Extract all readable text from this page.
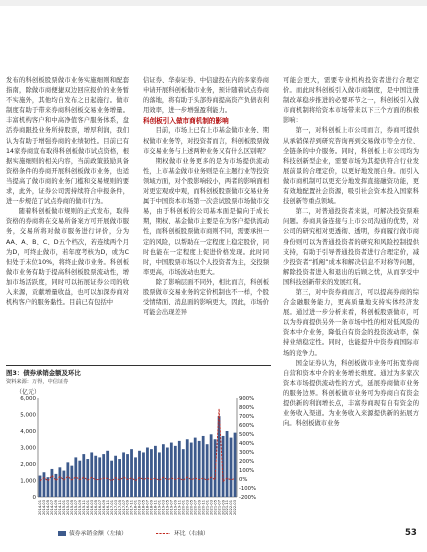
发布的科创板股票做市业务实施细则和配套指南，除做市商便捷双边回应报价的业务暂不实施外，其他均自发布之日起施行。做市制度有助于带来券商科创板交易业务增量。丰富机构客户和中高净值客户服务体系，盘活券商跟投业务所持股票，增厚利润，我们认为有助于增强券商的业绩韧性。目前已有14家券商宣布取得科创板做市试点资格，根据实施细则的相关内容，当前政策鼓励具备资格条件的券商开展科创板做市业务，也适当提高了做市商的业务门槛和交易规则的要求，此外，证券公司需持续符合申报条件，进一步规范了试点券商的做市行为。

随着科创板做市规则的正式发布，取得资格的券商将在交易所备案方可开展做市服务，交易所将对做市服务进行评价，分为AA、A、B、C、D五个档次，若连续两个月为D，可终止做市，若年度考核为D，或为C但处于末位10%，将终止做市业务。科创板做市业务有助于提高科创板股票流动性，增加市场活跃度，同时可以拓展证券公司的收入来源，贡献增量收益，也可以加深券商对机构客户的服务黏性。目前已有包括中

信证券、华泰证券、中信建投在内的多家券商申请开展科创板做市业务，预计随着试点券商的落地，将有助于头部券商提高资产负债表利用效率，进一步增强盈利能力。

科创板引入做市商机制的影响

目前，市场上已有上市基金做市业务、期权做市业务等，对投资者而言，科创板股票做市交易业务与上述两种业务又有什么区别呢？

期权做市业务更多的是为市场提供流动性，上市基金做市业务则是在主题行业等投资领域方面，对个股影响较小，两者的影响面相对更宏观或中观，而科创板股票做市交易业务属于中国资本市场第一次尝试股票市场做市交易，由于科创板的公司基本面是偏向于成长期，期权、基金做市主要是在为客户提供流动性，而科创板股票做市商则不同，需要承担一定的风险，以帮助在一定程度上稳定股价，同时也能在一定程度上促进价格发现。此时同时，中国股票市场以个人投资者为主，交投频率更高，市场波动也更大。

除了影响层面不同外，相比而言，科创板股票做市交易业务的定价机制也不一样，个股受情绪面、消息面的影响更大，因此，市场价可能会出现差异

可能会更大，需要专业机构投资者进行合理定价。而此时科创板引入做市商制度，是中国注册制改革稳步推进的必要环节之一，科创板引入做市商机制将给资本市场带来以下三个方面的积极影响：

第一，对科创板上市公司而言，券商可提供从承销保荐到研究咨询再到交易做市等全方位、全链条的中介服务。同时，科创板上市公司均为科技创新型企业，需要市场为其提供符合行业发展前景的合理定价，以更好地发展自身。而引入做市商机制可以更充分地发挥直接融资功能，更有效地配置社会资源，吸引社会资本投入国家科技创新等重点领域。

第二，对普通投资者来说，可解决投资票难问题。券商具备连接与上市公司沟通的优势，对公司的研究相对更透彻、透明，券商履行做市商身份则可以为普通投资者的研究和风险控制提供支持，有助于引导普通投资者进行合理定价，减少投资者“抓阄”成本和解决信息不对称等问题，解除投资者进入和退出的后顾之忧，从而享受中国科技创新带来的发展红利。

第三，对中资券商而言，可以提高券商的综合金融服务能力，更高质量地支持实体经济发展。通过进一步分析来看，科创板股票做市，可以为券商提供另外一条市场中性的相对低风险的资本中介业务，降低自有资金的投资波动率，保持业绩稳定性。同时，也能提升中资券商国际市场的竞争力。

国金证券认为，科创板做市业务可拓宽券商自营和资本中介的业务增长维度。通过为多家次资本市场提供流动性的方式，延展券商做市业务的服务边界。科创板做市业务可为券商自有资金提供新的利润增长点，丰富券商现有自有资金的业务收入渠道。为业务收入来源提供新的拓展方向。科创板做市业务

图3：债券承销金额及环比
资料来源：万得，中信证券
（亿元）
0
1,000
2,000
3,000
4,000
5,000
6,000
-200%
-100%
0%
100%
200%
300%
400%
500%
600%
700%
800%
900%
2014-01 2014-03 2014-05 2014-07 2014-09 2014-11 2015-01 2015-03 2015-05 2015-07 2015-09 2015-11 2016-01 2016-03 2016-05 2016-07 2016-09 2016-11 2017-01 2017-03 2017-05 2017-07 2017-09 2017-11 2018-01 2018-03 2018-05 2018-07 2018-09 2018-11 2019-01 2019-03 2019-05 2019-07 2019-09 2019-11 2020-01 2020-03 2020-05 2020-07 2020-09 2020-11 2021-01 2021-03 2021-05 2021-07 2021-09 2021-11 2022-01 2022-03
债券承销金额（左轴）	环比（右轴）	53
